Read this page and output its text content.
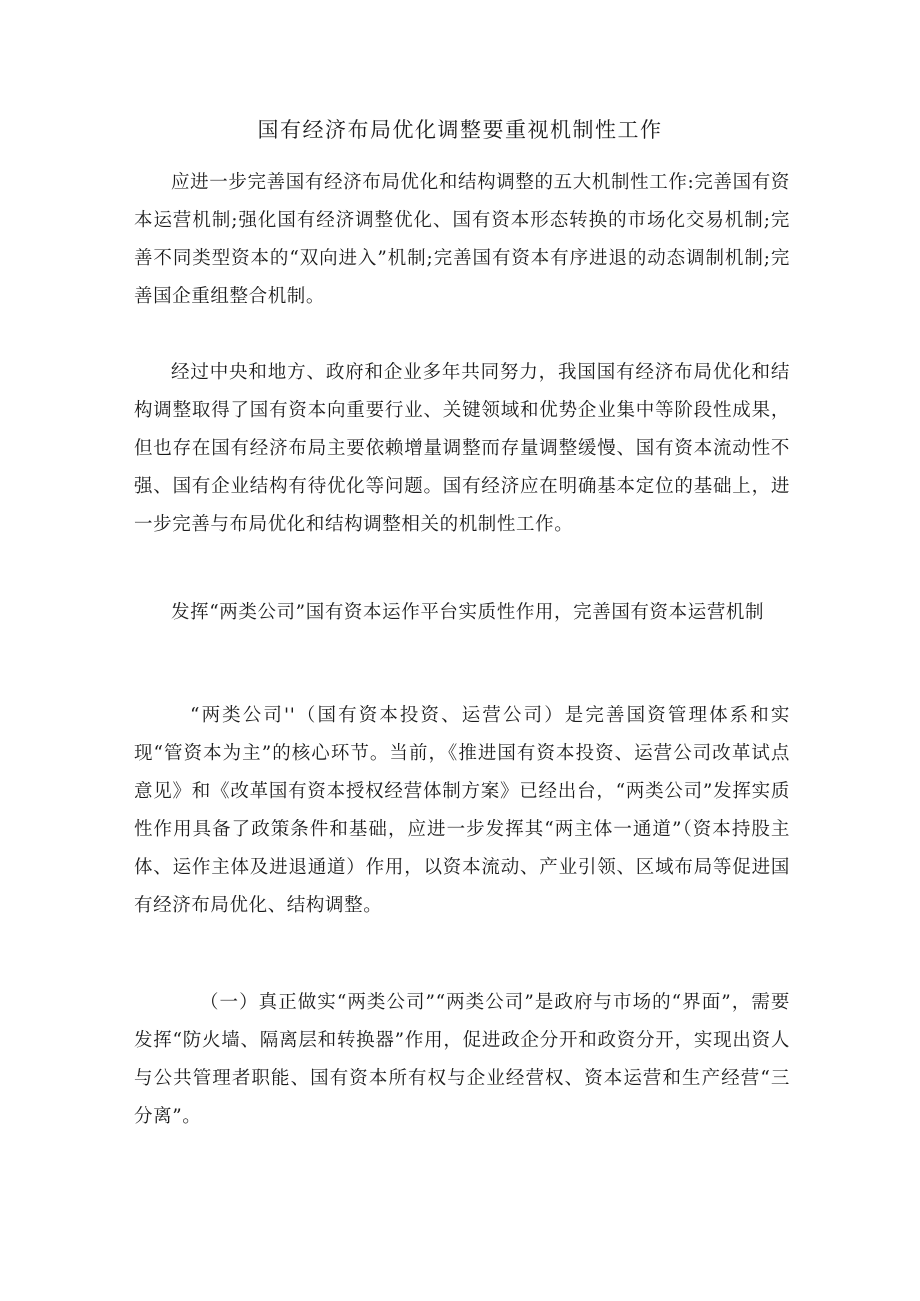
国有经济布局优化调整要重视机制性工作

应进一步完善国有经济布局优化和结构调整的五大机制性工作:完善国有资本运营机制;强化国有经济调整优化、国有资本形态转换的市场化交易机制;完善不同类型资本的“双向进入”机制;完善国有资本有序进退的动态调制机制;完善国企重组整合机制。

经过中央和地方、政府和企业多年共同努力，我国国有经济布局优化和结构调整取得了国有资本向重要行业、关键领域和优势企业集中等阶段性成果，但也存在国有经济布局主要依赖增量调整而存量调整缓慢、国有资本流动性不强、国有企业结构有待优化等问题。国有经济应在明确基本定位的基础上，进一步完善与布局优化和结构调整相关的机制性工作。

发挥“两类公司”国有资本运作平台实质性作用，完善国有资本运营机制

“两类公司''（国有资本投资、运营公司）是完善国资管理体系和实现“管资本为主”的核心环节。当前，《推进国有资本投资、运营公司改革试点意见》和《改革国有资本授权经营体制方案》已经出台，“两类公司”发挥实质性作用具备了政策条件和基础，应进一步发挥其“两主体一通道”（资本持股主体、运作主体及进退通道）作用，以资本流动、产业引领、区域布局等促进国有经济布局优化、结构调整。

（一）真正做实“两类公司”“两类公司”是政府与市场的“界面”，需要发挥“防火墙、隔离层和转换器”作用，促进政企分开和政资分开，实现出资人与公共管理者职能、国有资本所有权与企业经营权、资本运营和生产经营“三分离”。
